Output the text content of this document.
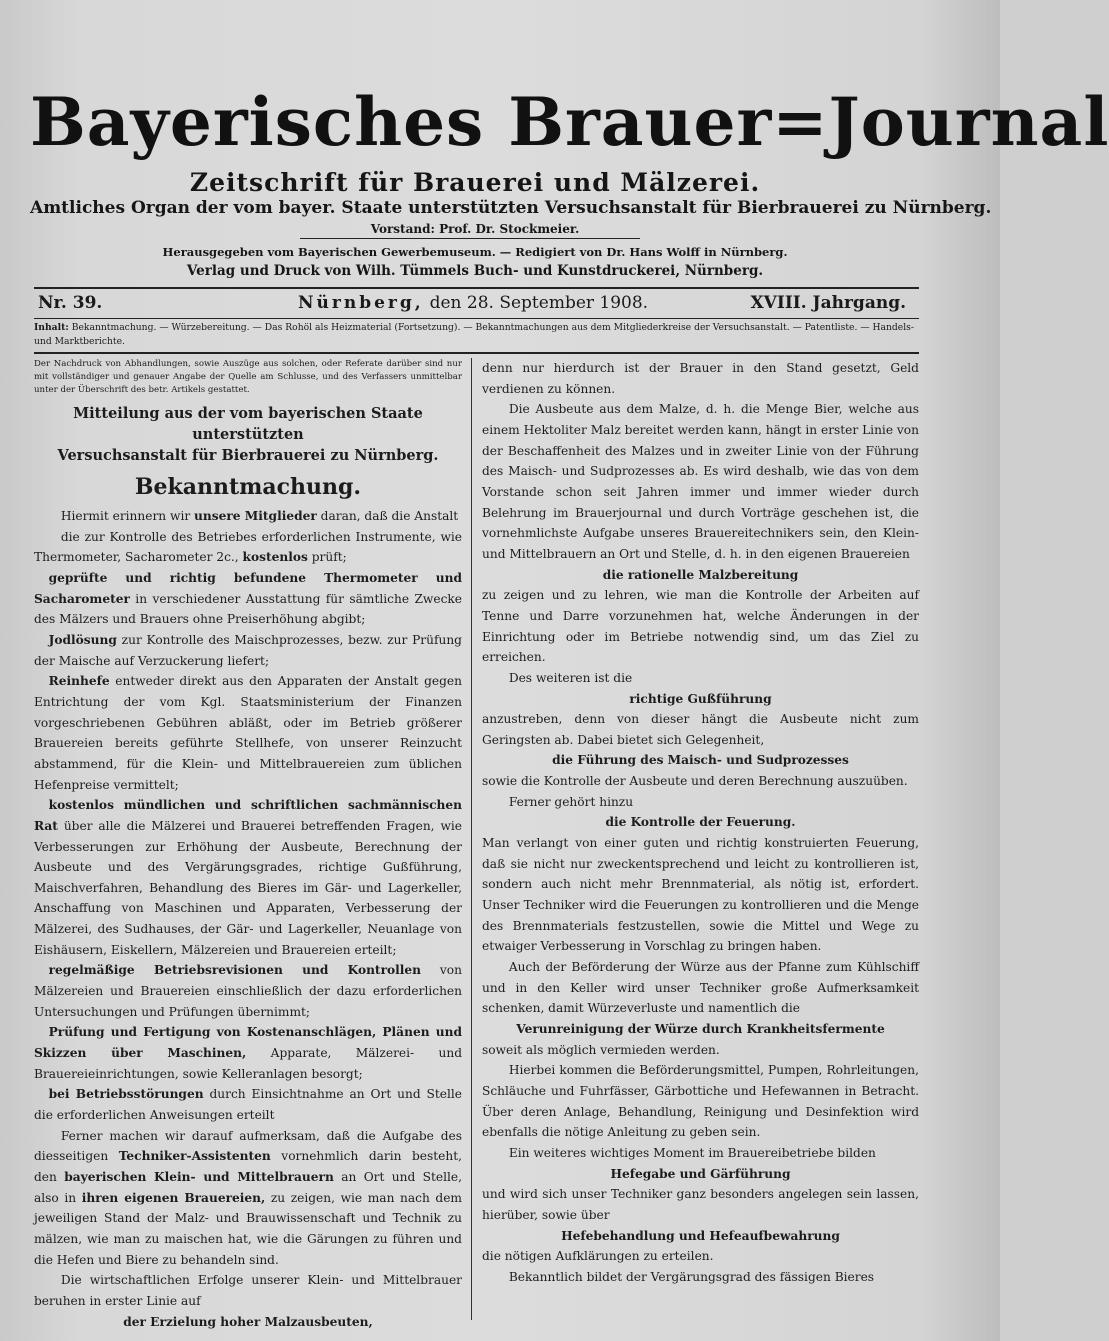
Bayerisches Brauer=Journal
Zeitschrift für Brauerei und Mälzerei.
Amtliches Organ der vom bayer. Staate unterstützten Versuchsanstalt für Bierbrauerei zu Nürnberg.
Vorstand: Prof. Dr. Stockmeier.
Herausgegeben vom Bayerischen Gewerbemuseum. — Redigiert von Dr. Hans Wolff in Nürnberg.
Verlag und Druck von Wilh. Tümmels Buch- und Kunstdruckerei, Nürnberg.
Nr. 39.	Nürnberg, den 28. September 1908.	XVIII. Jahrgang.
Inhalt: Bekanntmachung. — Würzebereitung. — Das Rohöl als Heizmaterial (Fortsetzung). — Bekanntmachungen aus dem Mitgliederkreise der Versuchsanstalt. — Patentliste. — Handels- und Marktberichte.

Der Nachdruck von Abhandlungen, sowie Auszüge aus solchen, oder Referate darüber sind nur mit vollständiger und genauer Angabe der Quelle am Schlusse, und des Verfassers unmittelbar unter der Überschrift des betr. Artikels gestattet.

Mitteilung aus der vom bayerischen Staate unterstützten
Versuchsanstalt für Bierbrauerei zu Nürnberg.
Bekanntmachung.

Hiermit erinnern wir unsere Mitglieder daran, daß die Anstalt

die zur Kontrolle des Betriebes erforderlichen Instrumente, wie Thermometer, Sacharometer 2c., kostenlos prüft;

geprüfte und richtig befundene Thermometer und Sacharometer in verschiedener Ausstattung für sämtliche Zwecke des Mälzers und Brauers ohne Preiserhöhung abgibt;

Jodlösung zur Kontrolle des Maischprozesses, bezw. zur Prüfung der Maische auf Verzuckerung liefert;

Reinhefe entweder direkt aus den Apparaten der Anstalt gegen Entrichtung der vom Kgl. Staatsministerium der Finanzen vorgeschriebenen Gebühren abläßt, oder im Betrieb größerer Brauereien bereits geführte Stellhefe, von unserer Reinzucht abstammend, für die Klein- und Mittelbrauereien zum üblichen Hefenpreise vermittelt;

kostenlos mündlichen und schriftlichen sachmännischen Rat über alle die Mälzerei und Brauerei betreffenden Fragen, wie Verbesserungen zur Erhöhung der Ausbeute, Berechnung der Ausbeute und des Vergärungsgrades, richtige Gußführung, Maischverfahren, Behandlung des Bieres im Gär- und Lagerkeller, Anschaffung von Maschinen und Apparaten, Verbesserung der Mälzerei, des Sudhauses, der Gär- und Lagerkeller, Neuanlage von Eishäusern, Eiskellern, Mälzereien und Brauereien erteilt;

regelmäßige Betriebsrevisionen und Kontrollen von Mälzereien und Brauereien einschließlich der dazu erforderlichen Untersuchungen und Prüfungen übernimmt;

Prüfung und Fertigung von Kostenanschlägen, Plänen und Skizzen über Maschinen, Apparate, Mälzerei- und Brauereieinrichtungen, sowie Kelleranlagen besorgt;

bei Betriebsstörungen durch Einsichtnahme an Ort und Stelle die erforderlichen Anweisungen erteilt

Ferner machen wir darauf aufmerksam, daß die Aufgabe des diesseitigen Techniker-Assistenten vornehmlich darin besteht, den bayerischen Klein- und Mittelbrauern an Ort und Stelle, also in ihren eigenen Brauereien, zu zeigen, wie man nach dem jeweiligen Stand der Malz- und Brauwissenschaft und Technik zu mälzen, wie man zu maischen hat, wie die Gärungen zu führen und die Hefen und Biere zu behandeln sind.

Die wirtschaftlichen Erfolge unserer Klein- und Mittelbrauer beruhen in erster Linie auf

der Erzielung hoher Malzausbeuten,

denn nur hierdurch ist der Brauer in den Stand gesetzt, Geld verdienen zu können.

Die Ausbeute aus dem Malze, d. h. die Menge Bier, welche aus einem Hektoliter Malz bereitet werden kann, hängt in erster Linie von der Beschaffenheit des Malzes und in zweiter Linie von der Führung des Maisch- und Sudprozesses ab. Es wird deshalb, wie das von dem Vorstande schon seit Jahren immer und immer wieder durch Belehrung im Brauerjournal und durch Vorträge geschehen ist, die vornehmlichste Aufgabe unseres Brauereitechnikers sein, den Klein- und Mittelbrauern an Ort und Stelle, d. h. in den eigenen Brauereien

die rationelle Malzbereitung

zu zeigen und zu lehren, wie man die Kontrolle der Arbeiten auf Tenne und Darre vorzunehmen hat, welche Änderungen in der Einrichtung oder im Betriebe notwendig sind, um das Ziel zu erreichen.

Des weiteren ist die

richtige Gußführung

anzustreben, denn von dieser hängt die Ausbeute nicht zum Geringsten ab. Dabei bietet sich Gelegenheit,

die Führung des Maisch- und Sudprozesses

sowie die Kontrolle der Ausbeute und deren Berechnung auszuüben.

Ferner gehört hinzu

die Kontrolle der Feuerung.

Man verlangt von einer guten und richtig konstruierten Feuerung, daß sie nicht nur zweckentsprechend und leicht zu kontrollieren ist, sondern auch nicht mehr Brennmaterial, als nötig ist, erfordert. Unser Techniker wird die Feuerungen zu kontrollieren und die Menge des Brennmaterials festzustellen, sowie die Mittel und Wege zu etwaiger Verbesserung in Vorschlag zu bringen haben.

Auch der Beförderung der Würze aus der Pfanne zum Kühlschiff und in den Keller wird unser Techniker große Aufmerksamkeit schenken, damit Würzeverluste und namentlich die

Verunreinigung der Würze durch Krankheitsfermente

soweit als möglich vermieden werden.

Hierbei kommen die Beförderungsmittel, Pumpen, Rohrleitungen, Schläuche und Fuhrfässer, Gärbottiche und Hefewannen in Betracht. Über deren Anlage, Behandlung, Reinigung und Desinfektion wird ebenfalls die nötige Anleitung zu geben sein.

Ein weiteres wichtiges Moment im Brauereibetriebe bilden

Hefegabe und Gärführung

und wird sich unser Techniker ganz besonders angelegen sein lassen, hierüber, sowie über

Hefebehandlung und Hefeaufbewahrung

die nötigen Aufklärungen zu erteilen.

Bekanntlich bildet der Vergärungsgrad des fässigen Bieres
